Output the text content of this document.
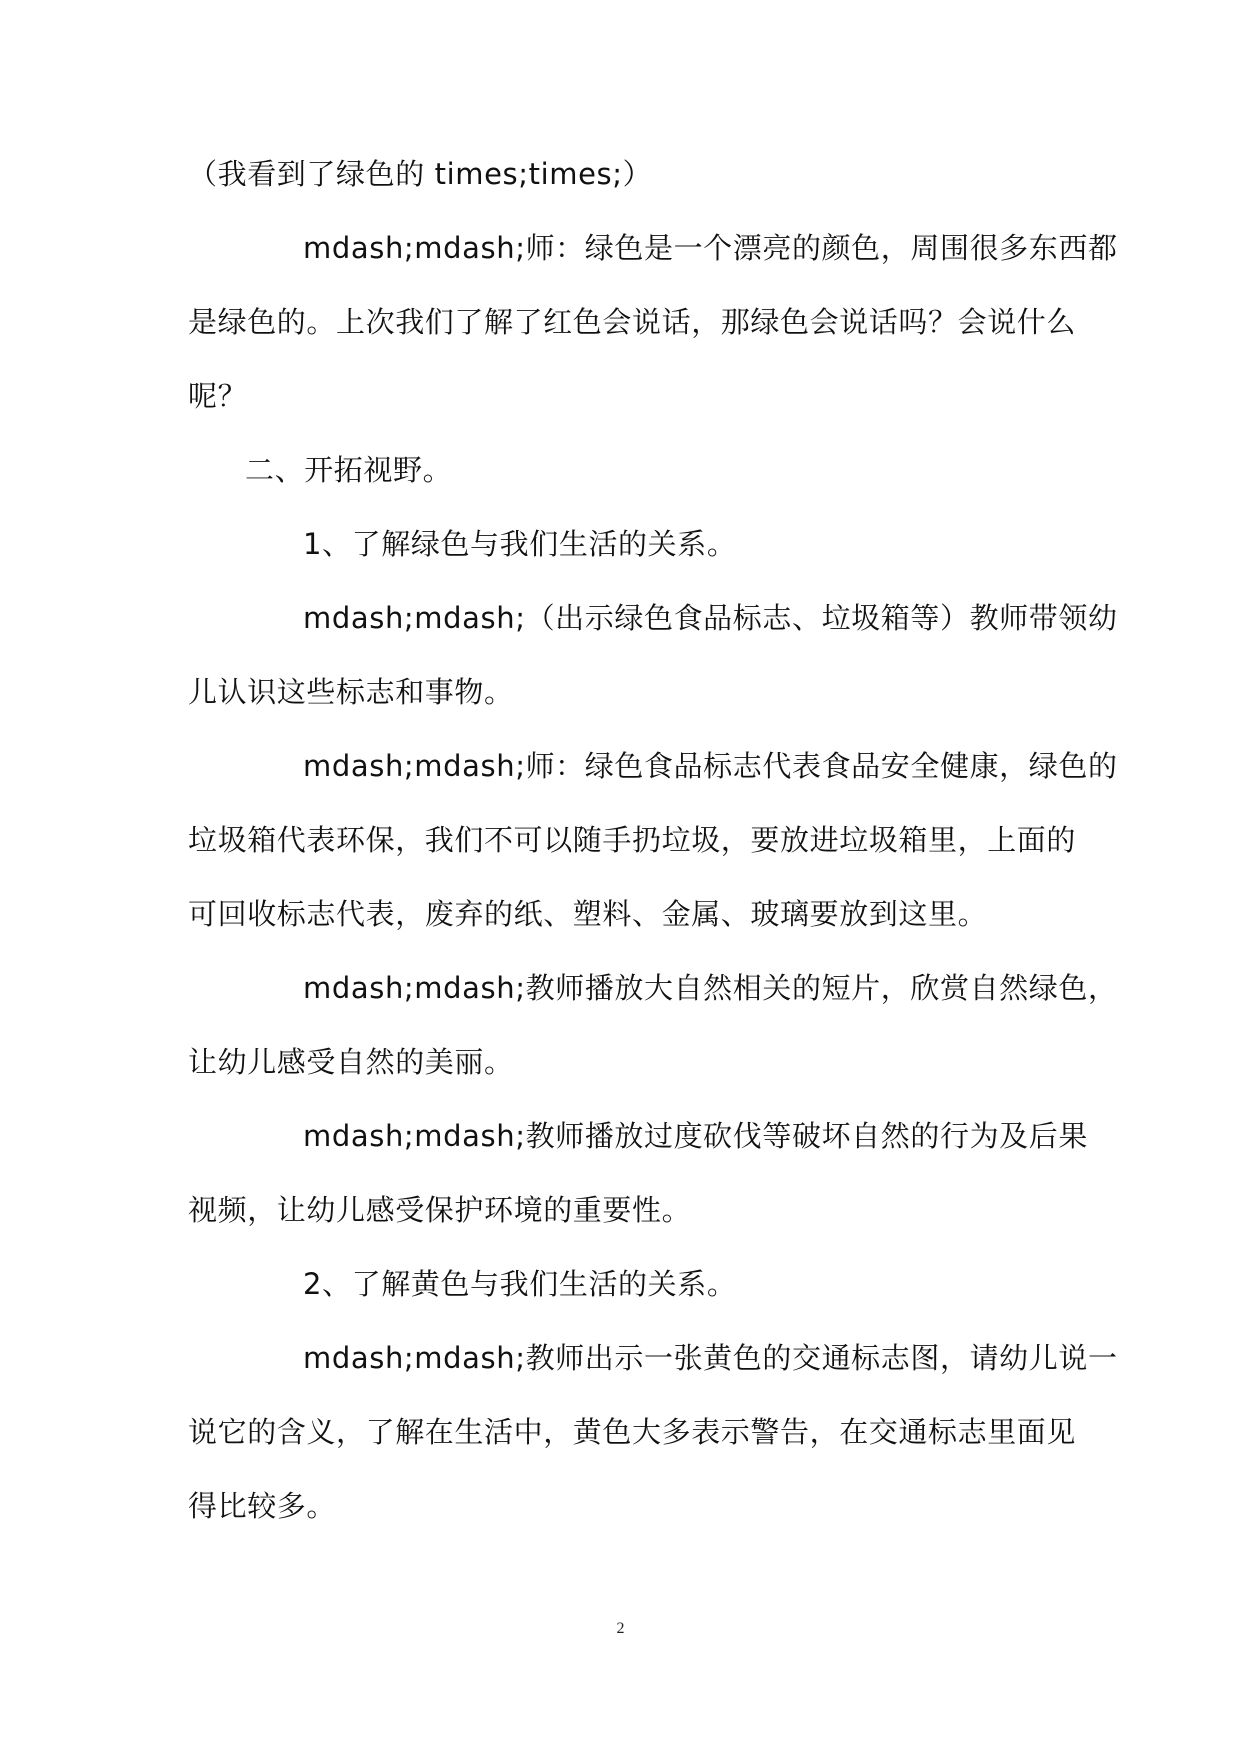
（我看到了绿色的 times;times;）
mdash;mdash;师：绿色是一个漂亮的颜色，周围很多东西都
是绿色的。上次我们了解了红色会说话，那绿色会说话吗？会说什么
呢？
二、开拓视野。
1、了解绿色与我们生活的关系。
mdash;mdash;（出示绿色食品标志、垃圾箱等）教师带领幼
儿认识这些标志和事物。
mdash;mdash;师：绿色食品标志代表食品安全健康，绿色的
垃圾箱代表环保，我们不可以随手扔垃圾，要放进垃圾箱里，上面的
可回收标志代表，废弃的纸、塑料、金属、玻璃要放到这里。
mdash;mdash;教师播放大自然相关的短片，欣赏自然绿色，
让幼儿感受自然的美丽。
mdash;mdash;教师播放过度砍伐等破坏自然的行为及后果
视频，让幼儿感受保护环境的重要性。
2、了解黄色与我们生活的关系。
mdash;mdash;教师出示一张黄色的交通标志图，请幼儿说一
说它的含义，了解在生活中，黄色大多表示警告，在交通标志里面见
得比较多。
2
